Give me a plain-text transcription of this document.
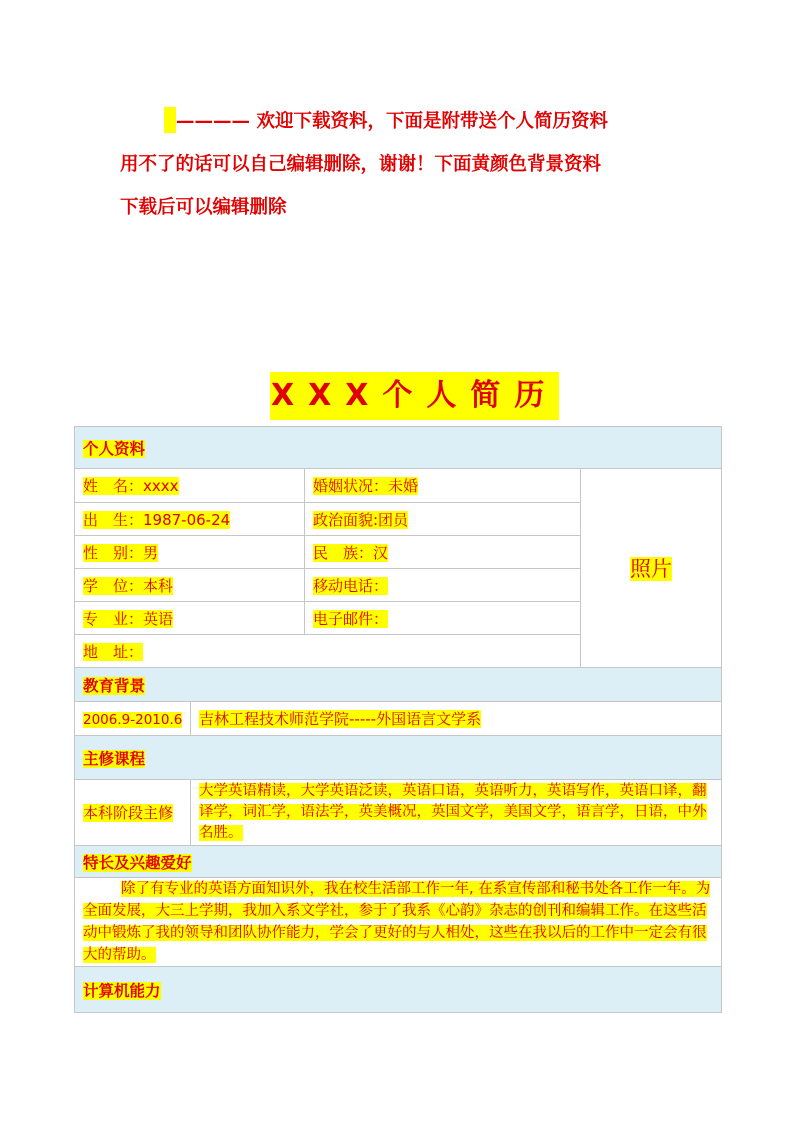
———— 欢迎下载资料，下面是附带送个人简历资料
用不了的话可以自己编辑删除，谢谢！下面黄颜色背景资料
下载后可以编辑删除
XXX个人简历
个人资料			
姓　名：xxxx		婚姻状况：未婚	照片
出　生：1987-06-24		政治面貌:团员	
性　别：男		民　族：汉	
学　位：本科		移动电话：	
专　业：英语		电子邮件：	
地　址：			
教育背景			
2006.9-2010.6	吉林工程技术师范学院-----外国语言文学系		
主修课程			
本科阶段主修	大学英语精读，大学英语泛读，英语口语，英语听力，英语写作，英语口译，翻译学，词汇学，语法学，英美概况，英国文学，美国文学，语言学，日语，中外名胜。		
特长及兴趣爱好			
除了有专业的英语方面知识外，我在校生活部工作一年, 在系宣传部和秘书处各工作一年。为全面发展，大三上学期，我加入系文学社，参于了我系《心韵》杂志的创刊和编辑工作。在这些活动中锻炼了我的领导和团队协作能力，学会了更好的与人相处，这些在我以后的工作中一定会有很大的帮助。			
计算机能力			
